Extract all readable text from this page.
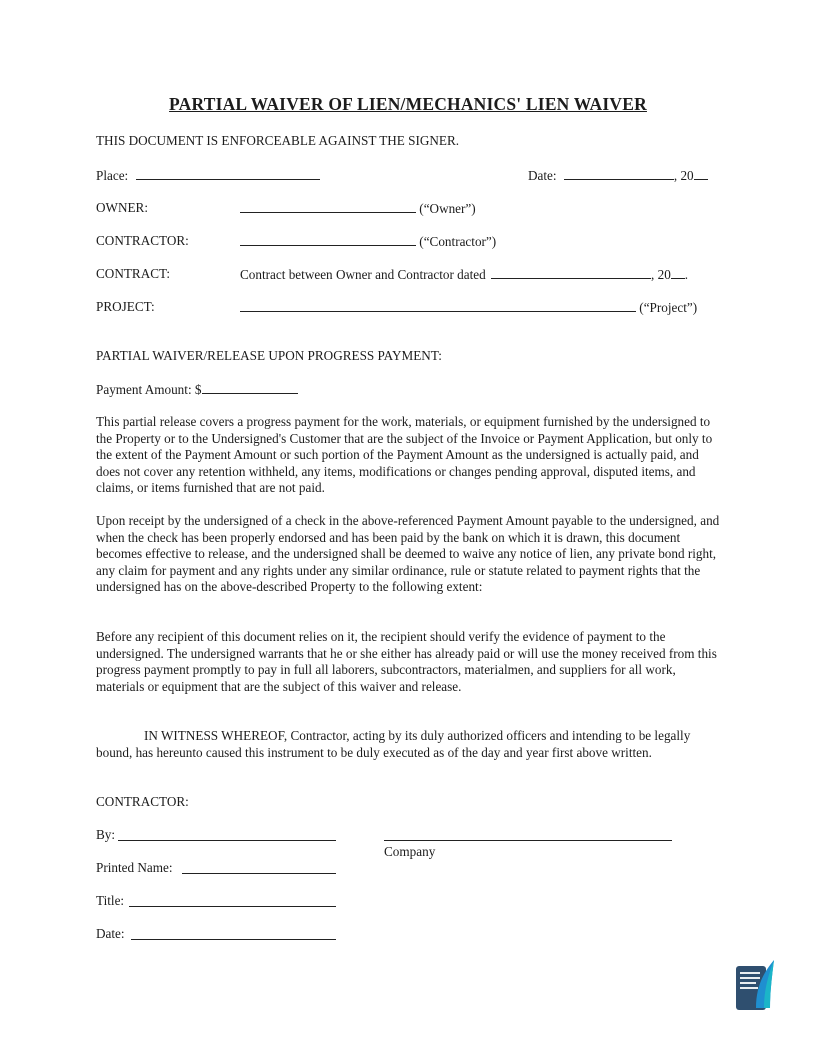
PARTIAL WAIVER OF LIEN/MECHANICS' LIEN WAIVER
THIS DOCUMENT IS ENFORCEABLE AGAINST THE SIGNER.
Place:	Date:	, 20
OWNER:	(“Owner”)
CONTRACTOR:	(“Contractor”)
CONTRACT:	Contract between Owner and Contractor dated	, 20 .
PROJECT:	(“Project”)
PARTIAL WAIVER/RELEASE UPON PROGRESS PAYMENT:
Payment Amount: $
This partial release covers a progress payment for the work, materials, or equipment furnished by the undersigned to the Property or to the Undersigned's Customer that are the subject of the Invoice or Payment Application, but only to the extent of the Payment Amount or such portion of the Payment Amount as the undersigned is actually paid, and does not cover any retention withheld, any items, modifications or changes pending approval, disputed items, and claims, or items furnished that are not paid.
Upon receipt by the undersigned of a check in the above-referenced Payment Amount payable to the undersigned, and when the check has been properly endorsed and has been paid by the bank on which it is drawn, this document becomes effective to release, and the undersigned shall be deemed to waive any notice of lien, any private bond right, any claim for payment and any rights under any similar ordinance, rule or statute related to payment rights that the undersigned has on the above-described Property to the following extent:
Before any recipient of this document relies on it, the recipient should verify the evidence of payment to the undersigned. The undersigned warrants that he or she either has already paid or will use the money received from this progress payment promptly to pay in full all laborers, subcontractors, materialmen, and suppliers for all work, materials or equipment that are the subject of this waiver and release.
IN WITNESS WHEREOF, Contractor, acting by its duly authorized officers and intending to be legally bound, has hereunto caused this instrument to be duly executed as of the day and year first above written.
CONTRACTOR:
By:
Company
Printed Name:
Title:
Date:
